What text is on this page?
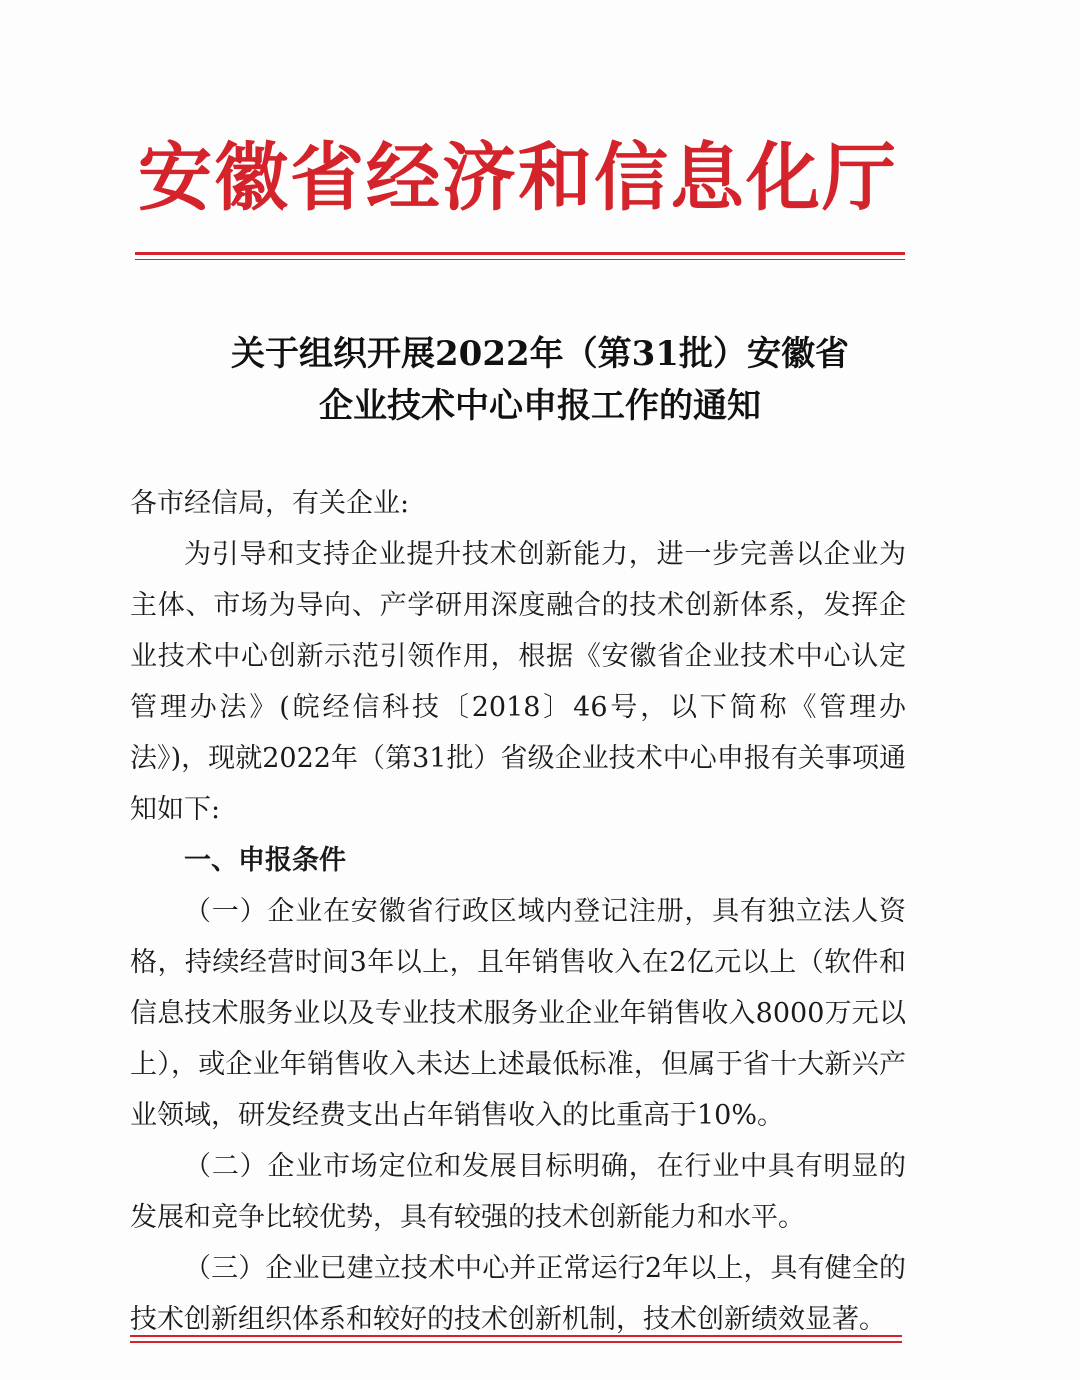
安徽省经济和信息化厅
关于组织开展2022年（第31批）安徽省
企业技术中心申报工作的通知

各市经信局，有关企业:

为引导和支持企业提升技术创新能力，进一步完善以企业为主体、市场为导向、产学研用深度融合的技术创新体系，发挥企业技术中心创新示范引领作用，根据《安徽省企业技术中心认定管理办法》(皖经信科技〔2018〕46号，以下简称《管理办法》)，现就2022年（第31批）省级企业技术中心申报有关事项通知如下:

一、申报条件

（一）企业在安徽省行政区域内登记注册，具有独立法人资格，持续经营时间3年以上，且年销售收入在2亿元以上（软件和信息技术服务业以及专业技术服务业企业年销售收入8000万元以上），或企业年销售收入未达上述最低标准，但属于省十大新兴产业领域，研发经费支出占年销售收入的比重高于10%。

（二）企业市场定位和发展目标明确，在行业中具有明显的发展和竞争比较优势，具有较强的技术创新能力和水平。

（三）企业已建立技术中心并正常运行2年以上，具有健全的技术创新组织体系和较好的技术创新机制，技术创新绩效显著。
